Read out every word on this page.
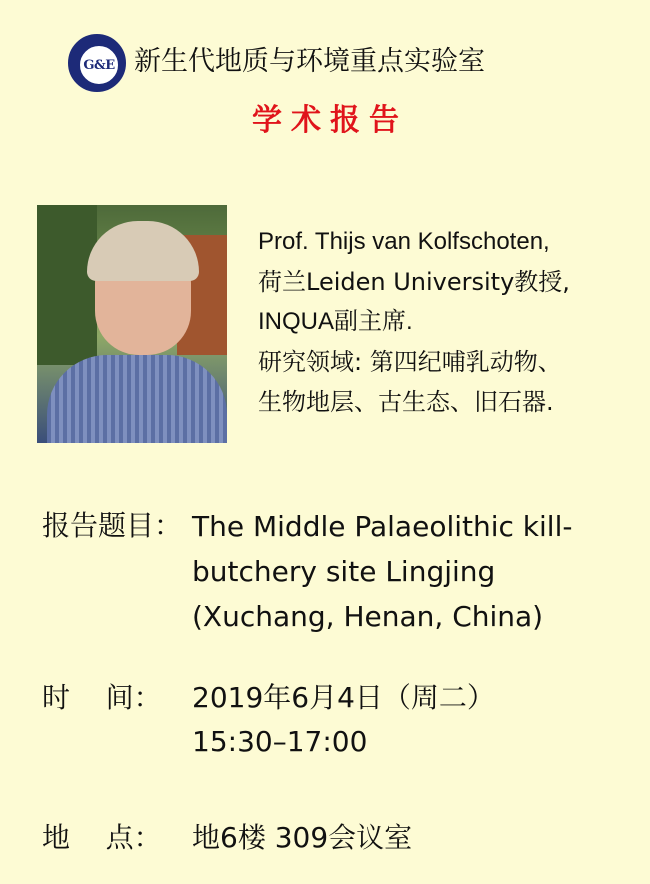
G&E 新生代地质与环境重点实验室
学术报告
Prof. Thijs van Kolfschoten,
荷兰Leiden University教授,
INQUA副主席.
研究领域: 第四纪哺乳动物、
生物地层、古生态、旧石器.
报告题目： The Middle Palaeolithic kill-
butchery site Lingjing
(Xuchang, Henan, China)
时    间： 2019年6月4日（周二）
15:30–17:00
地    点： 地6楼 309会议室
